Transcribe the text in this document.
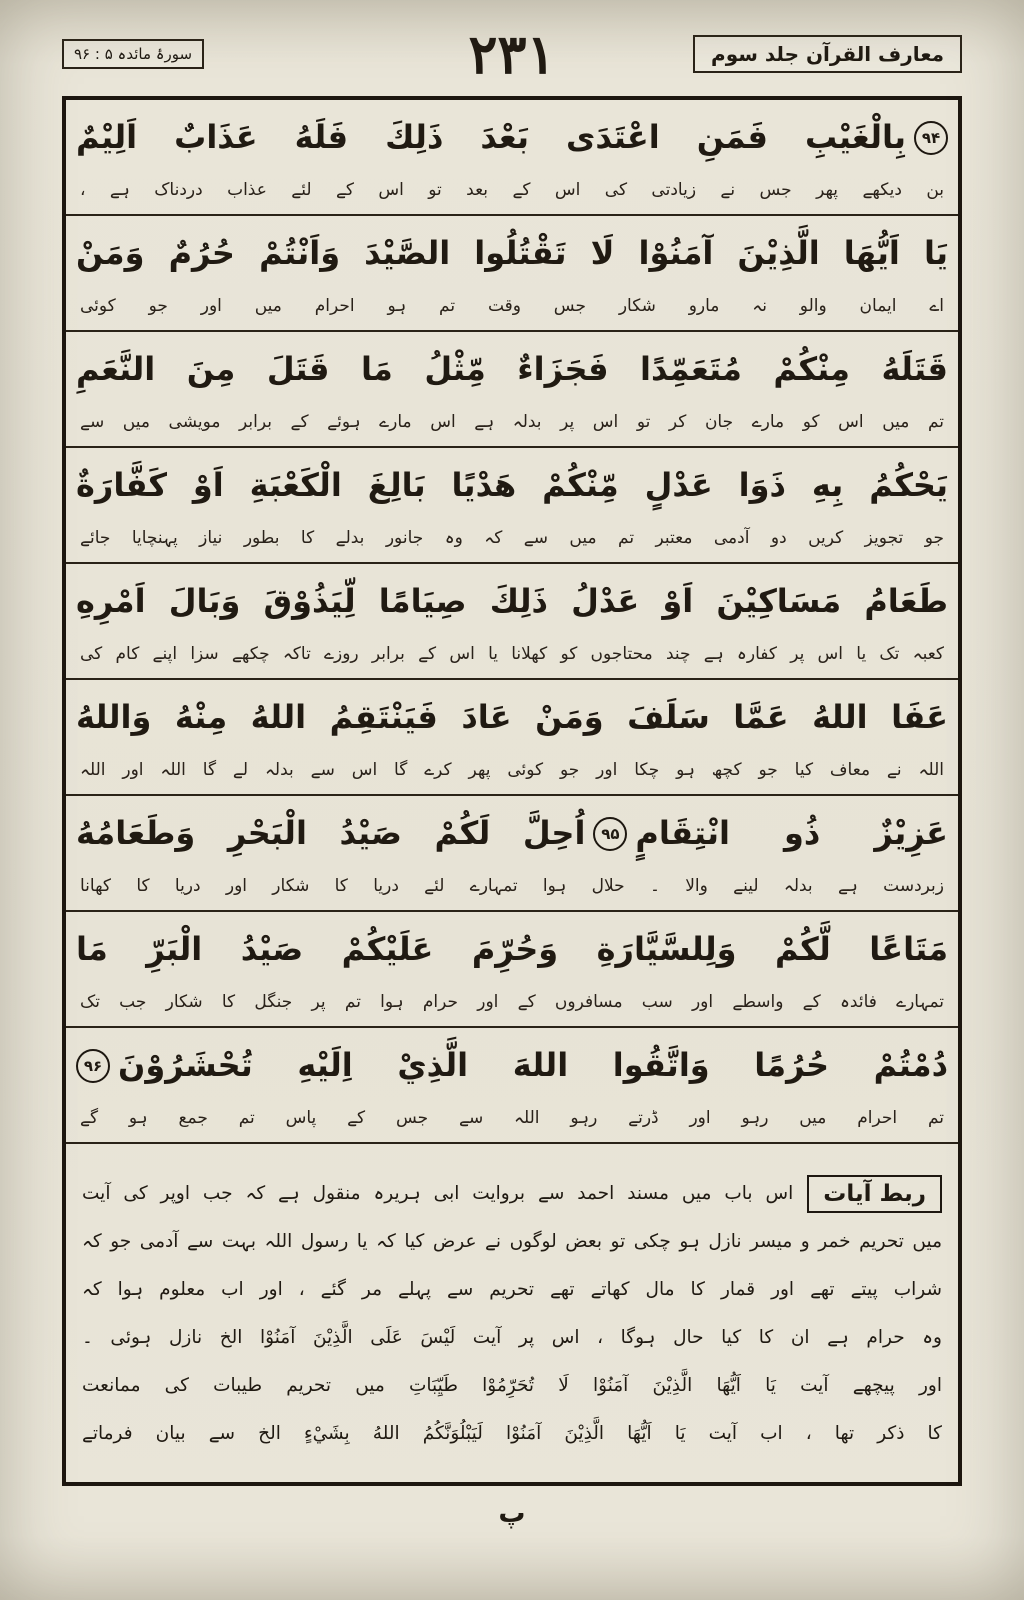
سورۂ مائدہ ۵ : ۹۶	۲۳۱	معارف القرآن جلد سوم
۹۴
بِالْغَيْبِ فَمَنِ اعْتَدَى بَعْدَ ذَلِكَ فَلَهُ عَذَابٌ اَلِيْمٌ
بن دیکھے پھر جس نے زیادتی کی اس کے بعد تو اس کے لئے عذاب دردناک ہے ،
يَا اَيُّهَا الَّذِيْنَ آمَنُوْا لَا تَقْتُلُوا الصَّيْدَ وَاَنْتُمْ حُرُمٌ وَمَنْ
اے ایمان والو نہ مارو شکار جس وقت تم ہو احرام میں اور جو کوئی
قَتَلَهُ مِنْكُمْ مُتَعَمِّدًا فَجَزَاءٌ مِّثْلُ مَا قَتَلَ مِنَ النَّعَمِ
تم میں اس کو مارے جان کر تو اس پر بدلہ ہے اس مارے ہوئے کے برابر مویشی میں سے
يَحْكُمُ بِهِ ذَوَا عَدْلٍ مِّنْكُمْ هَدْيًا بَالِغَ الْكَعْبَةِ اَوْ كَفَّارَةٌ
جو تجویز کریں دو آدمی معتبر تم میں سے کہ وہ جانور بدلے کا بطور نیاز پہنچایا جائے
طَعَامُ مَسَاكِيْنَ اَوْ عَدْلُ ذَلِكَ صِيَامًا لِّيَذُوْقَ وَبَالَ اَمْرِهِ
کعبہ تک یا اس پر کفارہ ہے چند محتاجوں کو کھلانا یا اس کے برابر روزے تاکہ چکھے سزا اپنے کام کی
عَفَا اللهُ عَمَّا سَلَفَ وَمَنْ عَادَ فَيَنْتَقِمُ اللهُ مِنْهُ وَاللهُ
اللہ نے معاف کیا جو کچھ ہو چکا اور جو کوئی پھر کرے گا اس سے بدلہ لے گا اللہ اور اللہ
عَزِيْزٌ ذُو انْتِقَامٍ
۹۵
اُحِلَّ لَكُمْ صَيْدُ الْبَحْرِ وَطَعَامُهُ
زبردست ہے بدلہ لینے والا ۔ حلال ہوا تمہارے لئے دریا کا شکار اور دریا کا کھانا
مَتَاعًا لَّكُمْ وَلِلسَّيَّارَةِ وَحُرِّمَ عَلَيْكُمْ صَيْدُ الْبَرِّ مَا
تمہارے فائدہ کے واسطے اور سب مسافروں کے اور حرام ہوا تم پر جنگل کا شکار جب تک
دُمْتُمْ حُرُمًا وَاتَّقُوا اللهَ الَّذِيْ اِلَيْهِ تُحْشَرُوْنَ
۹۶
تم احرام میں رہو اور ڈرتے رہو اللہ سے جس کے پاس تم جمع ہو گے
ربط آیات
اس باب میں مسند احمد سے بروایت ابی ہریرہ منقول ہے کہ جب اوپر کی آیت
میں تحریم خمر و میسر نازل ہو چکی تو بعض لوگوں نے عرض کیا کہ یا رسول اللہ بہت سے آدمی جو کہ
شراب پیتے تھے اور قمار کا مال کھاتے تھے تحریم سے پہلے مر گئے ، اور اب معلوم ہوا کہ
وہ حرام ہے ان کا کیا حال ہوگا ، اس پر آیت لَيْسَ عَلَى الَّذِيْنَ آمَنُوْا الخ نازل ہوئی ۔
اور پیچھے آیت يَا اَيُّهَا الَّذِيْنَ آمَنُوْا لَا تُحَرِّمُوْا طَيِّبَاتِ میں تحریم طیبات کی ممانعت
کا ذکر تھا ، اب آیت يَا اَيُّهَا الَّذِيْنَ آمَنُوْا لَيَبْلُوَنَّكُمُ اللهُ بِشَيْءٍ الخ سے بیان فرماتے
پ
